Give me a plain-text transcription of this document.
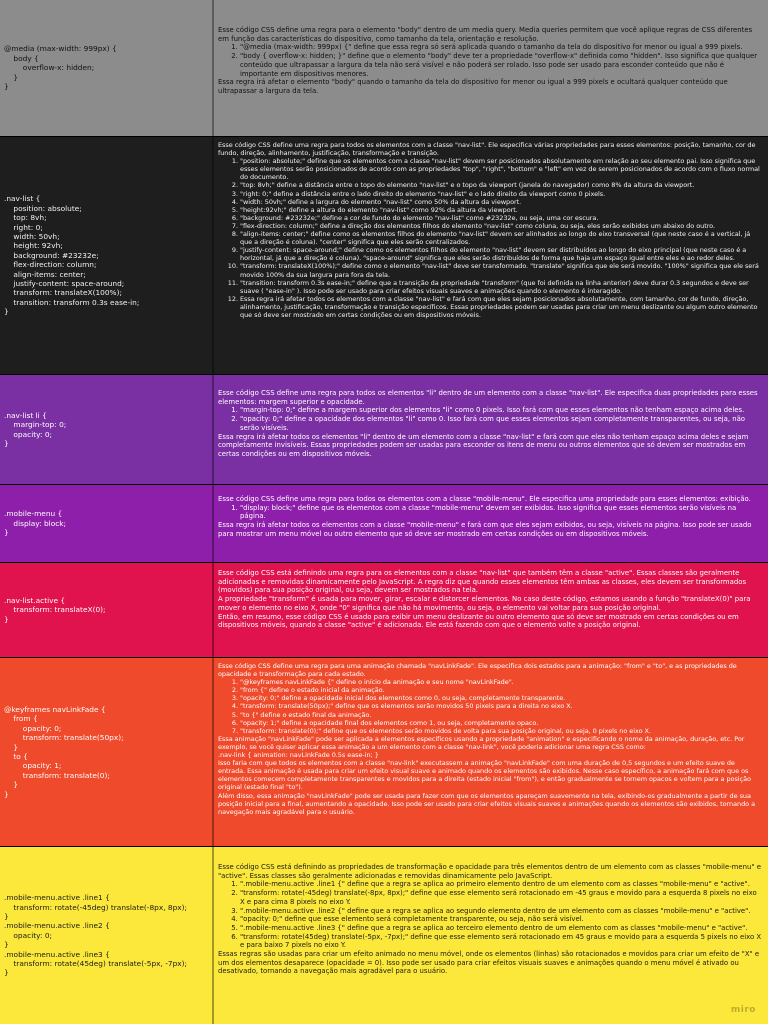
@media (max-width: 999px) {
body {
overflow-x: hidden;
}
}

Esse código CSS define uma regra para o elemento "body" dentro de um media query. Media queries permitem que você aplique regras de CSS diferentes em função das características do dispositivo, como tamanho da tela, orientação e resolução.

1. "@media (max-width: 999px) {" define que essa regra só será aplicada quando o tamanho da tela do dispositivo for menor ou igual a 999 pixels.
2. "body { overflow-x: hidden; }" define que o elemento "body" deve ter a propriedade "overflow-x" definida como "hidden". Isso significa que qualquer conteúdo que ultrapassar a largura da tela não será visível e não poderá ser rolado. Isso pode ser usado para esconder conteúdo que não é importante em dispositivos menores.

Essa regra irá afetar o elemento "body" quando o tamanho da tela do dispositivo for menor ou igual a 999 pixels e ocultará qualquer conteúdo que ultrapassar a largura da tela.

.nav-list {
position: absolute;
top: 8vh;
right: 0;
width: 50vh;
height: 92vh;
background: #23232e;
flex-direction: column;
align-items: center;
justify-content: space-around;
transform: translateX(100%);
transition: transform 0.3s ease-in;
}

Esse código CSS define uma regra para todos os elementos com a classe "nav-list". Ele especifica várias propriedades para esses elementos: posição, tamanho, cor de fundo, direção, alinhamento, justificação, transformação e transição.

1. "position: absolute;" define que os elementos com a classe "nav-list" devem ser posicionados absolutamente em relação ao seu elemento pai. Isso significa que esses elementos serão posicionados de acordo com as propriedades "top", "right", "bottom" e "left" em vez de serem posicionados de acordo com o fluxo normal do documento.
2. "top: 8vh;" define a distância entre o topo do elemento "nav-list" e o topo da viewport (janela do navegador) como 8% da altura da viewport.
3. "right: 0;" define a distância entre o lado direito do elemento "nav-list" e o lado direito da viewport como 0 pixels.
4. "width: 50vh;" define a largura do elemento "nav-list" como 50% da altura da viewport.
5. "height:92vh;" define a altura do elemento "nav-list" como 92% da altura da viewport.
6. "background: #23232e;" define a cor de fundo do elemento "nav-list" como #23232e, ou seja, uma cor escura.
7. "flex-direction: column;" define a direção dos elementos filhos do elemento "nav-list" como coluna, ou seja, eles serão exibidos um abaixo do outro.
8. "align-items: center;" define como os elementos filhos do elemento "nav-list" devem ser alinhados ao longo do eixo transversal (que neste caso é a vertical, já que a direção é coluna). "center" significa que eles serão centralizados.
9. "justify-content: space-around;" define como os elementos filhos do elemento "nav-list" devem ser distribuídos ao longo do eixo principal (que neste caso é a horizontal, já que a direção é coluna). "space-around" significa que eles serão distribuídos de forma que haja um espaço igual entre eles e ao redor deles.
10. "transform: translateX(100%);" define como o elemento "nav-list" deve ser transformado. "translate" significa que ele será movido. "100%" significa que ele será movido 100% da sua largura para fora da tela.
11. "transition: transform 0.3s ease-in;" define que a transição da propriedade "transform" (que foi definida na linha anterior) deve durar 0.3 segundos e deve ser suave ( "ease-in" ). Isso pode ser usado para criar efeitos visuais suaves e animações quando o elemento é interagido.
12. Essa regra irá afetar todos os elementos com a classe "nav-list" e fará com que eles sejam posicionados absolutamente, com tamanho, cor de fundo, direção, alinhamento, justificação, transformação e transição específicos. Essas propriedades podem ser usadas para criar um menu deslizante ou algum outro elemento que só deve ser mostrado em certas condições ou em dispositivos móveis.
.nav-list li {
margin-top: 0;
opacity: 0;
}

Esse código CSS define uma regra para todos os elementos "li" dentro de um elemento com a classe "nav-list". Ele especifica duas propriedades para esses elementos: margem superior e opacidade.

1. "margin-top: 0;" define a margem superior dos elementos "li" como 0 pixels. Isso fará com que esses elementos não tenham espaço acima deles.
2. "opacity: 0;" define a opacidade dos elementos "li" como 0. Isso fará com que esses elementos sejam completamente transparentes, ou seja, não serão visíveis.

Essa regra irá afetar todos os elementos "li" dentro de um elemento com a classe "nav-list" e fará com que eles não tenham espaço acima deles e sejam completamente invisíveis. Essas propriedades podem ser usadas para esconder os itens de menu ou outros elementos que só devem ser mostrados em certas condições ou em dispositivos móveis.

.mobile-menu {
display: block;
}

Esse código CSS define uma regra para todos os elementos com a classe "mobile-menu". Ele especifica uma propriedade para esses elementos: exibição.

1. "display: block;" define que os elementos com a classe "mobile-menu" devem ser exibidos. Isso significa que esses elementos serão visíveis na página.

Essa regra irá afetar todos os elementos com a classe "mobile-menu" e fará com que eles sejam exibidos, ou seja, visíveis na página. Isso pode ser usado para mostrar um menu móvel ou outro elemento que só deve ser mostrado em certas condições ou em dispositivos móveis.

.nav-list.active {
transform: translateX(0);
}

Esse código CSS está definindo uma regra para os elementos com a classe "nav-list" que também têm a classe "active". Essas classes são geralmente adicionadas e removidas dinamicamente pelo JavaScript. A regra diz que quando esses elementos têm ambas as classes, eles devem ser transformados (movidos) para sua posição original, ou seja, devem ser mostrados na tela.

A propriedade "transform" é usada para mover, girar, escalar e distorcer elementos. No caso deste código, estamos usando a função "translateX(0)" para mover o elemento no eixo X, onde "0" significa que não há movimento, ou seja, o elemento vai voltar para sua posição original.
Então, em resumo, esse código CSS é usado para exibir um menu deslizante ou outro elemento que só deve ser mostrado em certas condições ou em dispositivos móveis, quando a classe "active" é adicionada. Ele está fazendo com que o elemento volte a posição original.

@keyframes navLinkFade {
from {
opacity: 0;
transform: translate(50px);
}
to {
opacity: 1;
transform: translate(0);
}
}

Esse código CSS define uma regra para uma animação chamada "navLinkFade". Ele especifica dois estados para a animação: "from" e "to", e as propriedades de opacidade e transformação para cada estado.

1. "@keyframes navLinkFade {" define o início da animação e seu nome "navLinkFade".
2. "from {" define o estado inicial da animação.
3. "opacity: 0;" define a opacidade inicial dos elementos como 0, ou seja, completamente transparente.
4. "transform: translate(50px);" define que os elementos serão movidos 50 pixels para a direita no eixo X.
5. "to {" define o estado final da animação.
6. "opacity: 1;" define a opacidade final dos elementos como 1, ou seja, completamente opaco.
7. "transform: translate(0);" define que os elementos serão movidos de volta para sua posição original, ou seja, 0 pixels no eixo X.

Essa animação "navLinkFade" pode ser aplicada a elementos específicos usando a propriedade "animation" e especificando o nome da animação, duração, etc. Por exemplo, se você quiser aplicar essa animação a um elemento com a classe "nav-link", você poderia adicionar uma regra CSS como:
.nav-link { animation: navLinkFade 0.5s ease-in; }
Isso faria com que todos os elementos com a classe "nav-link" executassem a animação "navLinkFade" com uma duração de 0,5 segundos e um efeito suave de entrada. Essa animação é usada para criar um efeito visual suave e animado quando os elementos são exibidos. Nesse caso específico, a animação fará com que os elementos comecem completamente transparentes e movidos para a direita (estado inicial "from"), e então gradualmente se tornem opacos e voltem para a posição original (estado final "to").
Além disso, essa animação "navLinkFade" pode ser usada para fazer com que os elementos apareçam suavemente na tela, exibindo-os gradualmente a partir de sua posição inicial para a final, aumentando a opacidade. Isso pode ser usado para criar efeitos visuais suaves e animações quando os elementos são exibidos, tornando a navegação mais agradável para o usuário.

.mobile-menu.active .line1 {
transform: rotate(-45deg) translate(-8px, 8px);
}
.mobile-menu.active .line2 {
opacity: 0;
}
.mobile-menu.active .line3 {
transform: rotate(45deg) translate(-5px, -7px);
}

Esse código CSS está definindo as propriedades de transformação e opacidade para três elementos dentro de um elemento com as classes "mobile-menu" e "active". Essas classes são geralmente adicionadas e removidas dinamicamente pelo JavaScript.

1. ".mobile-menu.active .line1 {" define que a regra se aplica ao primeiro elemento dentro de um elemento com as classes "mobile-menu" e "active".
2. "transform: rotate(-45deg) translate(-8px, 8px);" define que esse elemento será rotacionado em -45 graus e movido para a esquerda 8 pixels no eixo X e para cima 8 pixels no eixo Y.
3. ".mobile-menu.active .line2 {" define que a regra se aplica ao segundo elemento dentro de um elemento com as classes "mobile-menu" e "active".
4. "opacity: 0;" define que esse elemento será completamente transparente, ou seja, não será visível.
5. ".mobile-menu.active .line3 {" define que a regra se aplica ao terceiro elemento dentro de um elemento com as classes "mobile-menu" e "active".
6. "transform: rotate(45deg) translate(-5px, -7px);" define que esse elemento será rotacionado em 45 graus e movido para a esquerda 5 pixels no eixo X e para baixo 7 pixels no eixo Y.

Essas regras são usadas para criar um efeito animado no menu móvel, onde os elementos (linhas) são rotacionados e movidos para criar um efeito de "X" e um dos elementos desaparece (opacidade = 0). Isso pode ser usado para criar efeitos visuais suaves e animações quando o menu móvel é ativado ou desativado, tornando a navegação mais agradável para o usuário.

miro
